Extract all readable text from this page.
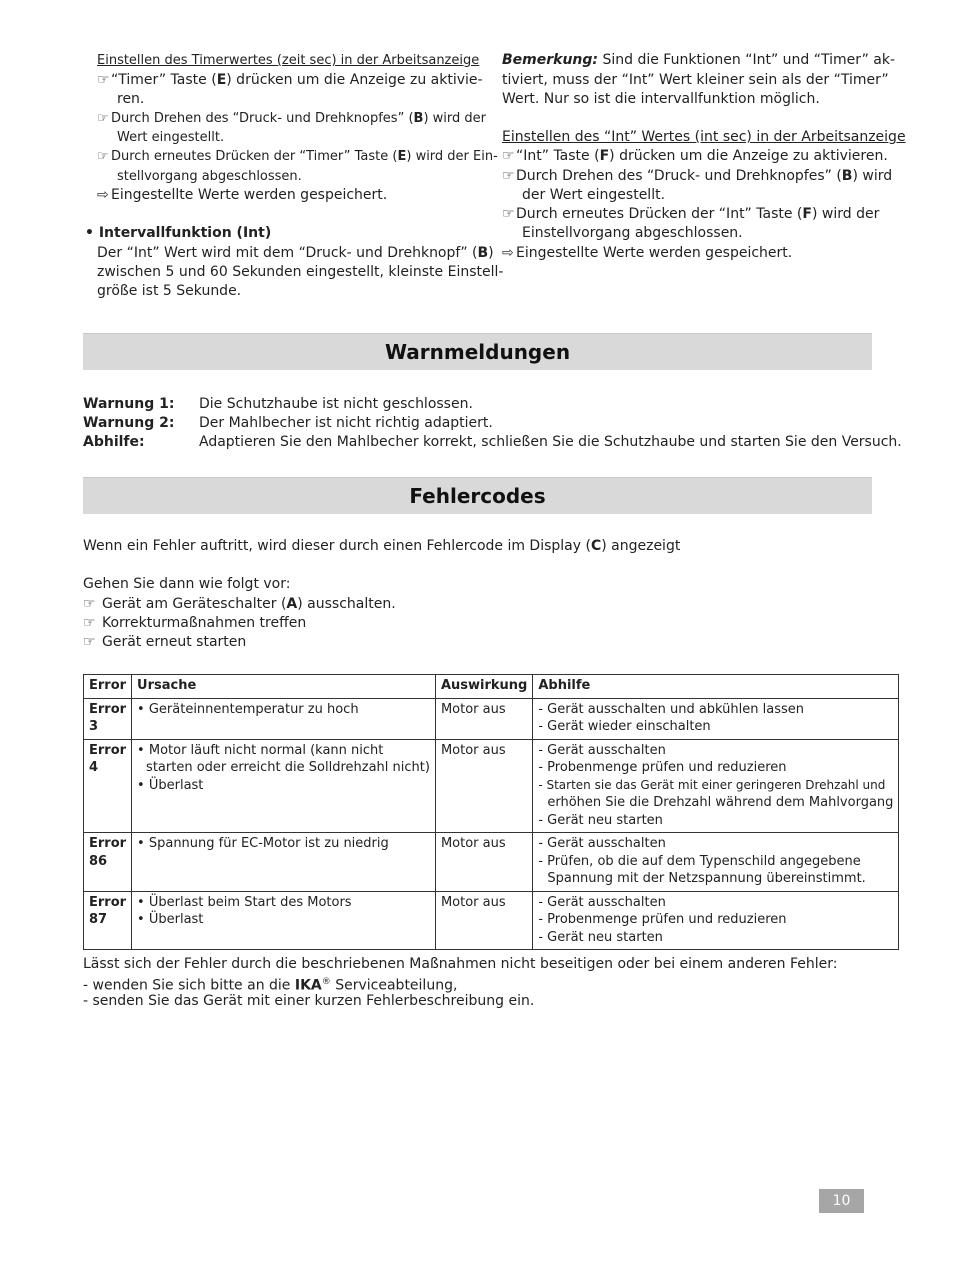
Einstellen des Timerwertes (zeit sec) in der Arbeitsanzeige
☞“Timer” Taste (E) drücken um die Anzeige zu aktivie-
ren.
☞ Durch Drehen des “Druck- und Drehknopfes” (B) wird der
Wert eingestellt.
☞ Durch erneutes Drücken der “Timer” Taste (E) wird der Ein-
stellvorgang abgeschlossen.
⇨ Eingestellte Werte werden gespeichert.
• Intervallfunktion (Int)
Der “Int” Wert wird mit dem “Druck- und Drehknopf” (B)
zwischen 5 und 60 Sekunden eingestellt, kleinste Einstell-
größe ist 5 Sekunde.
Bemerkung: Sind die Funktionen “Int” und “Timer” ak-
tiviert, muss der “Int” Wert kleiner sein als der “Timer”
Wert. Nur so ist die intervallfunktion möglich.
Einstellen des “Int” Wertes (int sec) in der Arbeitsanzeige
☞“Int” Taste (F) drücken um die Anzeige zu aktivieren.
☞Durch Drehen des “Druck- und Drehknopfes” (B) wird
der Wert eingestellt.
☞Durch erneutes Drücken der “Int” Taste (F) wird der
Einstellvorgang abgeschlossen.
⇨ Eingestellte Werte werden gespeichert.
Warnmeldungen
Warnung 1: Die Schutzhaube ist nicht geschlossen.
Warnung 2: Der Mahlbecher ist nicht richtig adaptiert.
Abhilfe:	Adaptieren Sie den Mahlbecher korrekt, schließen Sie die Schutzhaube und starten Sie den Versuch.
Fehlercodes
Wenn ein Fehler auftritt, wird dieser durch einen Fehlercode im Display (C) angezeigt
Gehen Sie dann wie folgt vor:
☞ Gerät am Geräteschalter (A) ausschalten.
☞ Korrekturmaßnahmen treffen
☞ Gerät erneut starten
Error	Ursache	Auswirkung	Abhilfe
Error 3	• Geräteinnentemperatur zu hoch	Motor aus	- Gerät ausschalten und abkühlen lassen
- Gerät wieder einschalten

Error 4	• Motor läuft nicht normal (kann nicht
starten oder erreicht die Solldrehzahl nicht)
• Überlast	Motor aus	- Gerät ausschalten
- Probenmenge prüfen und reduzieren
- Starten sie das Gerät mit einer geringeren Drehzahl und
erhöhen Sie die Drehzahl während dem Mahlvorgang
- Gerät neu starten

Error 86	• Spannung für EC-Motor ist zu niedrig	Motor aus	- Gerät ausschalten
- Prüfen, ob die auf dem Typenschild angegebene
Spannung mit der Netzspannung übereinstimmt.

Error 87	• Überlast beim Start des Motors
• Überlast	Motor aus	- Gerät ausschalten
- Probenmenge prüfen und reduzieren
- Gerät neu starten
Lässt sich der Fehler durch die beschriebenen Maßnahmen nicht beseitigen oder bei einem anderen Fehler:
- wenden Sie sich bitte an die IKA® Serviceabteilung,
- senden Sie das Gerät mit einer kurzen Fehlerbeschreibung ein.
10
